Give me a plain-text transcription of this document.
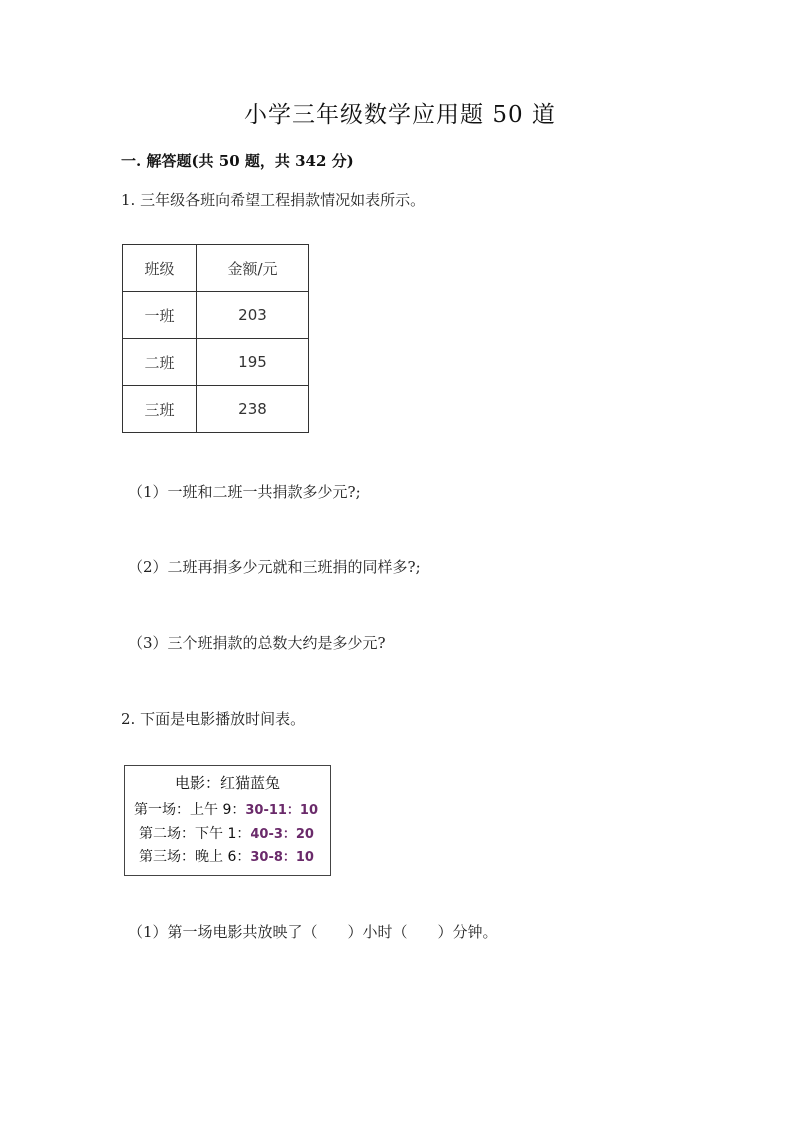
小学三年级数学应用题 50 道
一. 解答题(共 50 题，共 342 分)
1. 三年级各班向希望工程捐款情况如表所示。
班级	金额/元
一班	203
二班	195
三班	238
（1）一班和二班一共捐款多少元?;
（2）二班再捐多少元就和三班捐的同样多?;
（3）三个班捐款的总数大约是多少元?
2. 下面是电影播放时间表。
电影：红猫蓝兔
第一场：上午 9：30-11：10
第二场：下午 1：40-3：20
第三场：晚上 6：30-8：10
（1）第一场电影共放映了（　　）小时（　　）分钟。
